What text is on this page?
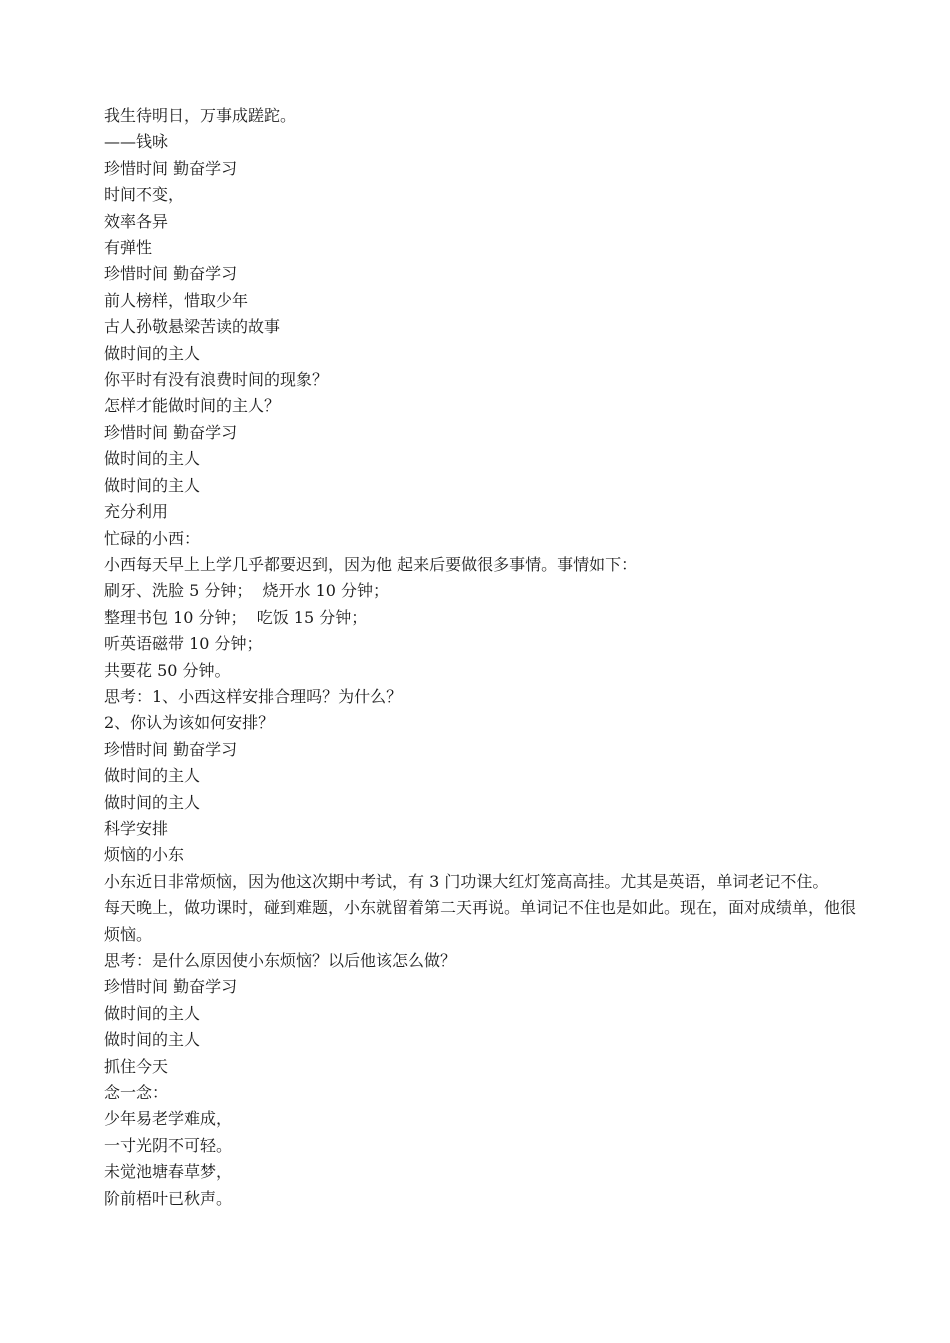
我生待明日，万事成蹉跎。

——钱咏

珍惜时间 勤奋学习

时间不变，

效率各异

有弹性

珍惜时间 勤奋学习

前人榜样，惜取少年

古人孙敬悬梁苦读的故事

做时间的主人

你平时有没有浪费时间的现象？

怎样才能做时间的主人？

珍惜时间 勤奋学习

做时间的主人

做时间的主人

充分利用

忙碌的小西：

小西每天早上上学几乎都要迟到，因为他 起来后要做很多事情。事情如下：

刷牙、洗脸 5 分钟；  烧开水 10 分钟；

整理书包 10 分钟；  吃饭 15 分钟；

听英语磁带 10 分钟；

共要花 50 分钟。

思考：1、小西这样安排合理吗？为什么？

2、你认为该如何安排？

珍惜时间 勤奋学习

做时间的主人

做时间的主人

科学安排

烦恼的小东

小东近日非常烦恼，因为他这次期中考试，有 3 门功课大红灯笼高高挂。尤其是英语，单词老记不住。

每天晚上，做功课时，碰到难题，小东就留着第二天再说。单词记不住也是如此。现在，面对成绩单，他很烦恼。

思考：是什么原因使小东烦恼？以后他该怎么做？

珍惜时间 勤奋学习

做时间的主人

做时间的主人

抓住今天

念一念：

少年易老学难成，

一寸光阴不可轻。

未觉池塘春草梦，

阶前梧叶已秋声。
